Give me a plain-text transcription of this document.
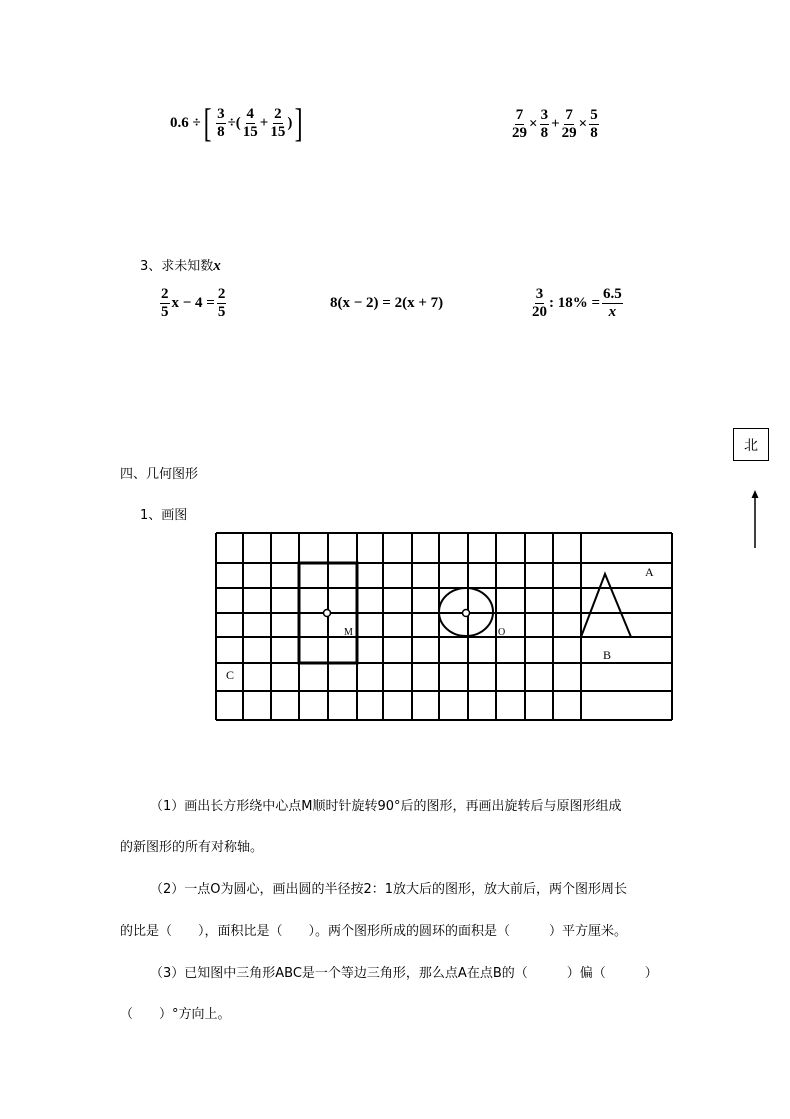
0.6
÷ [ $\frac{3}{8}$ ÷ ( $\frac{4}{15} + \frac{2}{15}$ ) ]	$\frac{7}{29} \times \frac{3}{8} + \frac{7}{29} \times \frac{5}{8}$
3、求未知数x
$\frac{2}{5}$ $x - 4 = \frac{2}{5}$	8(x − 2) = 2(x + 7)	$\frac{3}{20}$ : $18\% = \frac{6.5}{x}$
北
四、几何图形
1、画图
A
B
C
M	O
（1）画出长方形绕中心点M顺时针旋转90°后的图形，再画出旋转后与原图形组成
的新图形的所有对称轴。
（2）一点O为圆心，画出圆的半径按2：1放大后的图形，放大前后，两个图形周长
的比是（　　），面积比是（　　）。两个图形所成的圆环的面积是（　　　）平方厘米。
（3）已知图中三角形ABC是一个等边三角形，那么点A在点B的（　　　）偏（　　　）
（　　）°方向上。
